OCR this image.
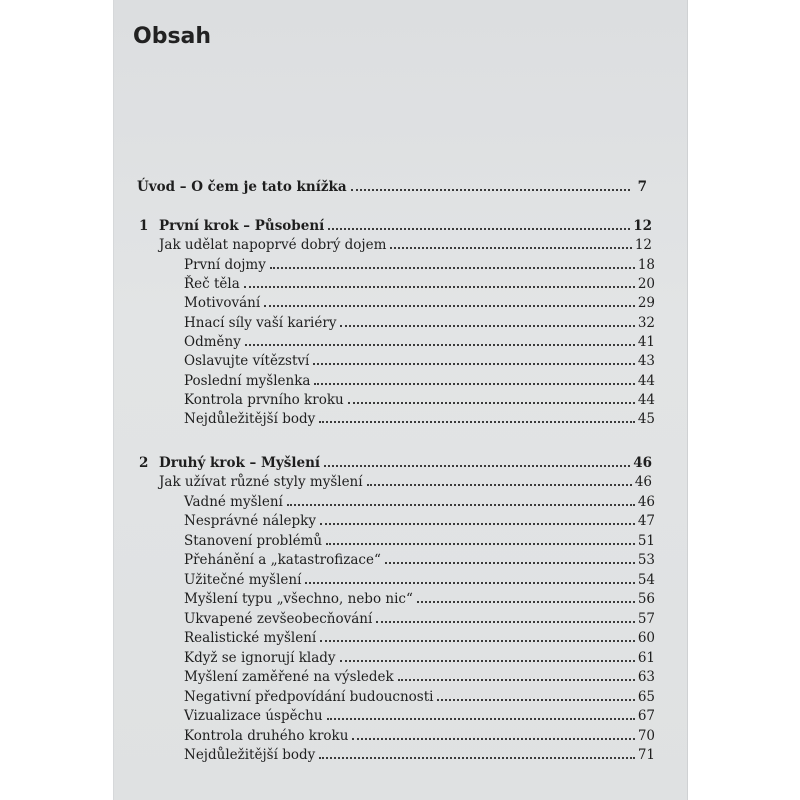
Obsah
Úvod – O čem je tato knížka	7
1 První krok – Působení	12
Jak udělat napoprvé dobrý dojem	12
První dojmy	18
Řeč těla	20
Motivování	29
Hnací síly vaší kariéry	32
Odměny	41
Oslavujte vítězství	43
Poslední myšlenka	44
Kontrola prvního kroku	44
Nejdůležitější body	45
2 Druhý krok – Myšlení	46
Jak užívat různé styly myšlení	46
Vadné myšlení	46
Nesprávné nálepky	47
Stanovení problémů	51
Přehánění a „katastrofizace“	53
Užitečné myšlení	54
Myšlení typu „všechno, nebo nic“	56
Ukvapené zevšeobecňování	57
Realistické myšlení	60
Když se ignorují klady	61
Myšlení zaměřené na výsledek	63
Negativní předpovídání budoucnosti	65
Vizualizace úspěchu	67
Kontrola druhého kroku	70
Nejdůležitější body	71
